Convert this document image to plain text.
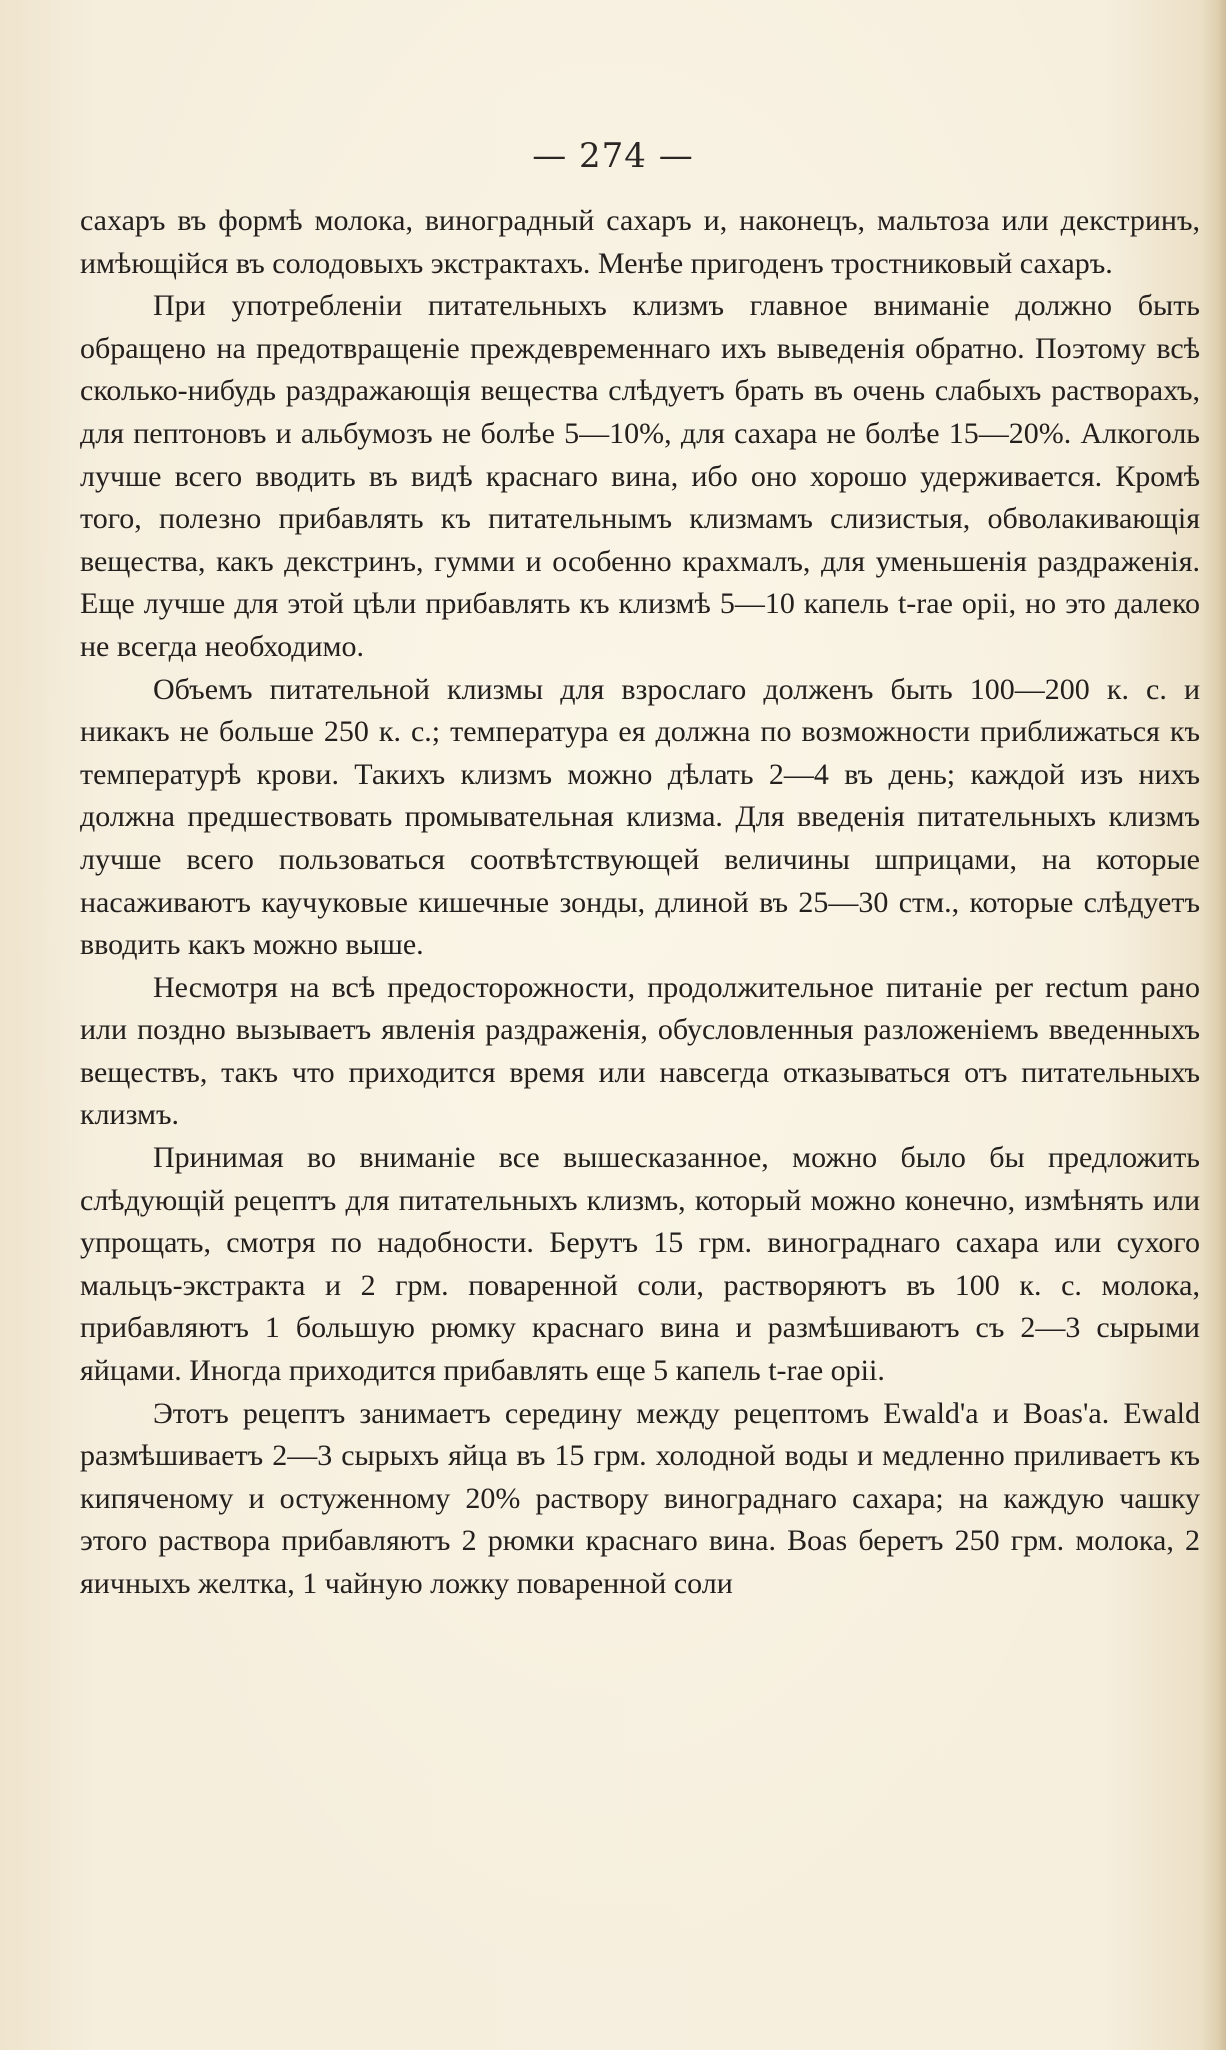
— 274 —

сахаръ въ формѣ молока, виноградный сахаръ и, наконецъ, мальтоза или декстринъ, имѣющійся въ солодовыхъ экстрактахъ. Менѣе пригоденъ тростниковый сахаръ.

При употребленіи питательныхъ клизмъ главное вниманіе должно быть обращено на предотвращеніе преждевременнаго ихъ выведенія обратно. Поэтому всѣ сколько-нибудь раздражающія вещества слѣдуетъ брать въ очень слабыхъ растворахъ, для пептоновъ и альбумозъ не болѣе 5—10%, для сахара не болѣе 15—20%. Алкоголь лучше всего вводить въ видѣ краснаго вина, ибо оно хорошо удерживается. Кромѣ того, полезно прибавлять къ питательнымъ клизмамъ слизистыя, обволакивающія вещества, какъ декстринъ, гумми и особенно крахмалъ, для уменьшенія раздраженія. Еще лучше для этой цѣли прибавлять къ клизмѣ 5—10 капель t-rae opii, но это далеко не всегда необходимо.

Объемъ питательной клизмы для взрослаго долженъ быть 100—200 к. с. и никакъ не больше 250 к. с.; температура ея должна по возможности приближаться къ температурѣ крови. Такихъ клизмъ можно дѣлать 2—4 въ день; каждой изъ нихъ должна предшествовать промывательная клизма. Для введенія питательныхъ клизмъ лучше всего пользоваться соотвѣтствующей величины шприцами, на которые насаживаютъ каучуковые кишечные зонды, длиной въ 25—30 стм., которые слѣдуетъ вводить какъ можно выше.

Несмотря на всѣ предосторожности, продолжительное питаніе per rectum рано или поздно вызываетъ явленія раздраженія, обусловленныя разложеніемъ введенныхъ веществъ, такъ что приходится время или навсегда отказываться отъ питательныхъ клизмъ.

Принимая во вниманіе все вышесказанное, можно было бы предложить слѣдующій рецептъ для питательныхъ клизмъ, который можно конечно, измѣнять или упрощать, смотря по надобности. Берутъ 15 грм. винограднаго сахара или сухого мальцъ-экстракта и 2 грм. поваренной соли, растворяютъ въ 100 к. с. молока, прибавляютъ 1 большую рюмку краснаго вина и размѣшиваютъ съ 2—3 сырыми яйцами. Иногда приходится прибавлять еще 5 капель t-rae opii.

Этотъ рецептъ занимаетъ середину между рецептомъ Ewald'а и Boas'а. Ewald размѣшиваетъ 2—3 сырыхъ яйца въ 15 грм. холодной воды и медленно приливаетъ къ кипяченому и остуженному 20% раствору винограднаго сахара; на каждую чашку этого раствора прибавляютъ 2 рюмки краснаго вина. Boas беретъ 250 грм. молока, 2 яичныхъ желтка, 1 чайную ложку поваренной соли
